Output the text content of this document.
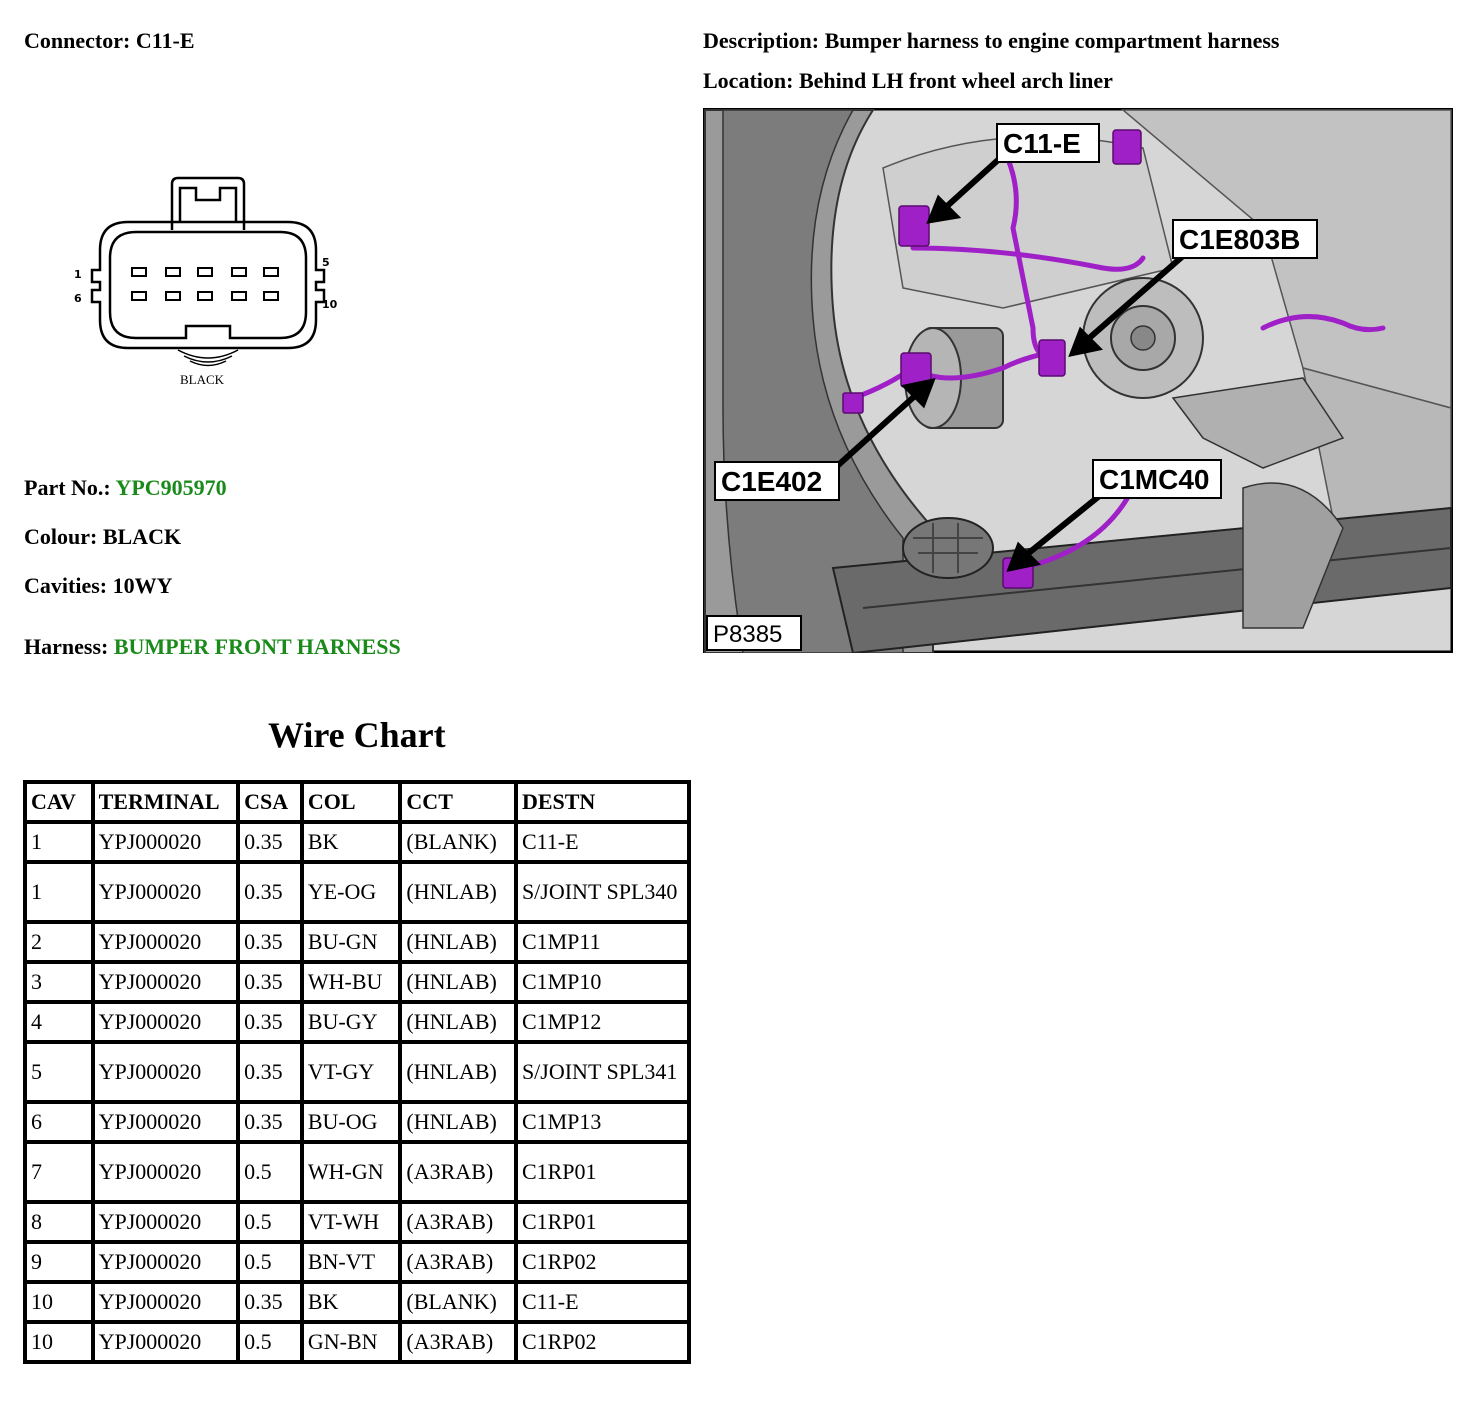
Connector: C11-E	Description: Bumper harness to engine compartment harness
Location: Behind LH front wheel arch liner
1
6
5
10
BLACK
Part No.: YPC905970
Colour: BLACK
Cavities: 10WY
Harness: BUMPER FRONT HARNESS
C11-E
C1E803B
C1E402	C1MC40
P8385
Wire Chart
CAV	TERMINAL	CSA	COL	CCT	DESTN
1	YPJ000020	0.35	BK	(BLANK)	C11-E
1	YPJ000020	0.35	YE-OG	(HNLAB)	S/JOINT SPL340
2	YPJ000020	0.35	BU-GN	(HNLAB)	C1MP11
3	YPJ000020	0.35	WH-BU	(HNLAB)	C1MP10
4	YPJ000020	0.35	BU-GY	(HNLAB)	C1MP12
5	YPJ000020	0.35	VT-GY	(HNLAB)	S/JOINT SPL341
6	YPJ000020	0.35	BU-OG	(HNLAB)	C1MP13
7	YPJ000020	0.5	WH-GN	(A3RAB)	C1RP01
8	YPJ000020	0.5	VT-WH	(A3RAB)	C1RP01
9	YPJ000020	0.5	BN-VT	(A3RAB)	C1RP02
10	YPJ000020	0.35	BK	(BLANK)	C11-E
10	YPJ000020	0.5	GN-BN	(A3RAB)	C1RP02
